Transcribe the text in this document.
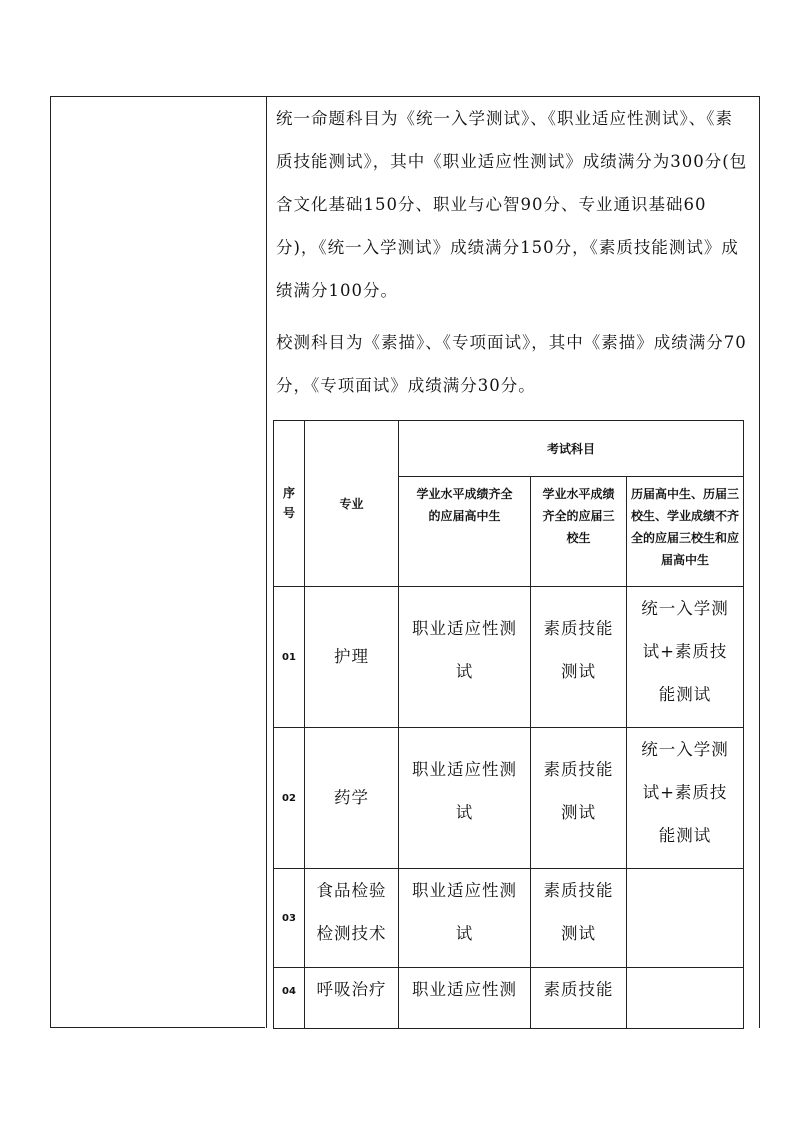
统一命题科目为《统一入学测试》、《职业适应性测试》、《素质技能测试》，其中《职业适应性测试》成绩满分为300分(包含文化基础150分、职业与心智90分、专业通识基础60分)，《统一入学测试》成绩满分150分，《素质技能测试》成绩满分100分。

校测科目为《素描》、《专项面试》，其中《素描》成绩满分70分，《专项面试》成绩满分30分。

序号	专业	考试科目		
		学业水平成绩齐全的应届高中生	学业水平成绩齐全的应届三校生	历届高中生、历届三校生、学业成绩不齐全的应届三校生和应届高中生
01	护理	职业适应性测试	素质技能测试	统一入学测试+素质技能测试

02	药学	职业适应性测试	素质技能测试	统一入学测试+素质技能测试

03	食品检验检测技术	职业适应性测试	素质技能测试	

04	呼吸治疗	职业适应性测	素质技能	
